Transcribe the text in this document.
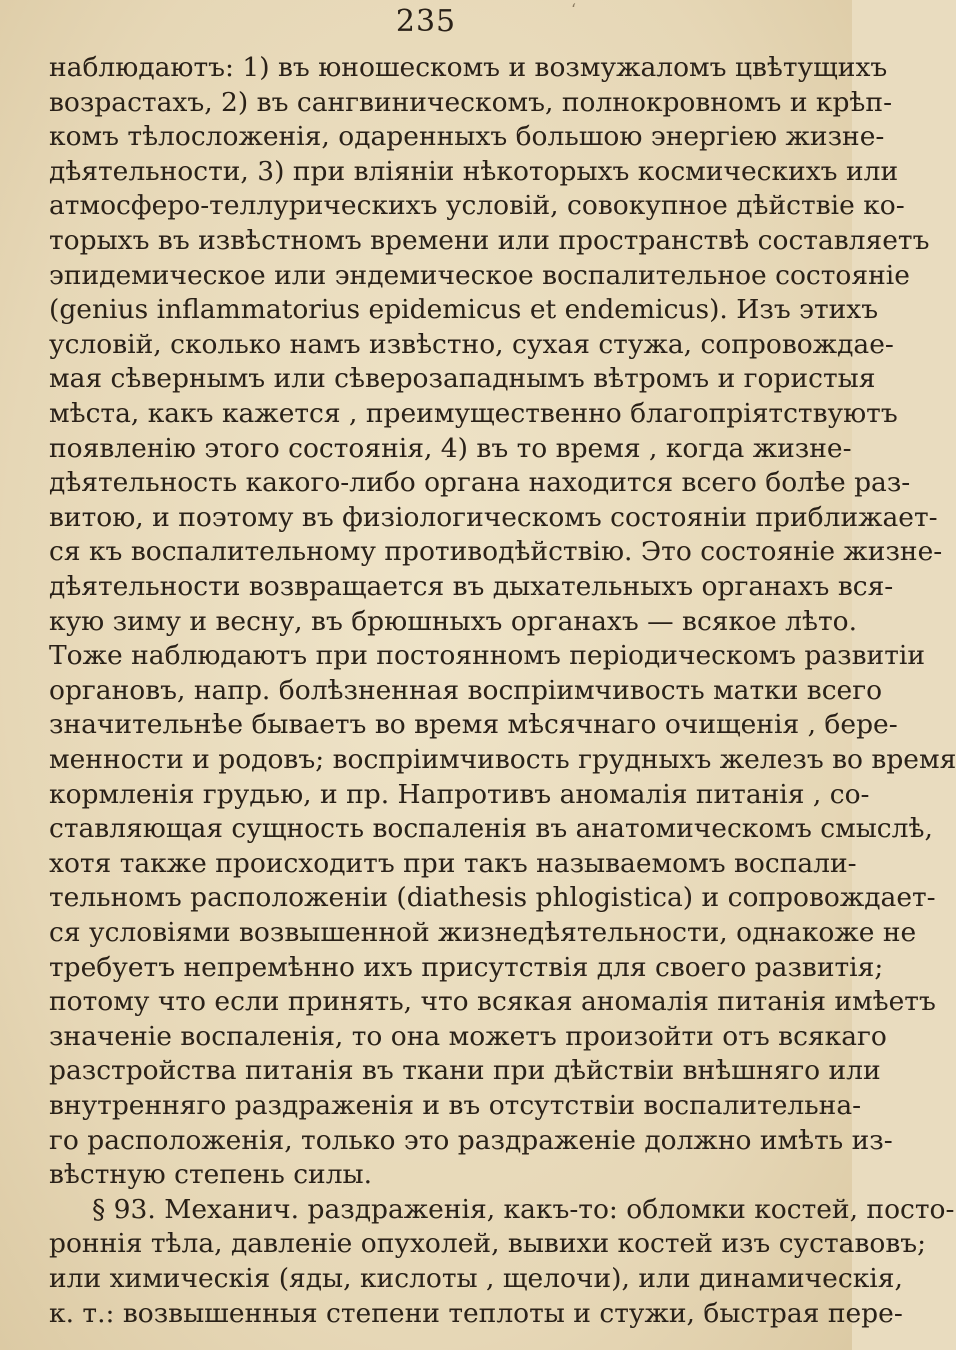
‘
235
наблюдаютъ: 1) въ юношескомъ и возмужаломъ цвѣтущихъ
возрастахъ, 2) въ сангвиническомъ, полнокровномъ и крѣп-
комъ тѣлосложенія, одаренныхъ большою энергіею жизне-
дѣятельности, 3) при вліяніи нѣкоторыхъ космическихъ или
атмосферо-теллурическихъ условій, совокупное дѣйствіе ко-
торыхъ въ извѣстномъ времени или пространствѣ составляетъ
эпидемическое или эндемическое воспалительное состояніе
(genius inflammatorius epidemicus et endemicus). Изъ этихъ
условій, сколько намъ извѣстно, сухая стужа, сопровождае-
мая сѣвернымъ или сѣверозападнымъ вѣтромъ и гористыя
мѣста, какъ кажется , преимущественно благопріятствуютъ
появленію этого состоянія, 4) въ то время , когда жизне-
дѣятельность какого-либо органа находится всего болѣе раз-
витою, и поэтому въ физіологическомъ состояніи приближает-
ся къ воспалительному противодѣйствію. Это состояніе жизне-
дѣятельности возвращается въ дыхательныхъ органахъ вся-
кую зиму и весну, въ брюшныхъ органахъ — всякое лѣто.
Тоже наблюдаютъ при постоянномъ періодическомъ развитіи
органовъ, напр. болѣзненная воспріимчивость матки всего
значительнѣе бываетъ во время мѣсячнаго очищенія , бере-
менности и родовъ; воспріимчивость грудныхъ железъ во время
кормленія грудью, и пр. Напротивъ аномалія питанія , со-
ставляющая сущность воспаленія въ анатомическомъ смыслѣ,
хотя также происходитъ при такъ называемомъ воспали-
тельномъ расположеніи (diathesis phlogistica) и сопровождает-
ся условіями возвышенной жизнедѣятельности, однакоже не
требуетъ непремѣнно ихъ присутствія для своего развитія;
потому что если принять, что всякая аномалія питанія имѣетъ
значеніе воспаленія, то она можетъ произойти отъ всякаго
разстройства питанія въ ткани при дѣйствіи внѣшняго или
внутренняго раздраженія и въ отсутствіи воспалительна-
го расположенія, только это раздраженіе должно имѣть из-
вѣстную степень силы.
§ 93. Механич. раздраженія, какъ-то: обломки костей, посто-
роннія тѣла, давленіе опухолей, вывихи костей изъ суставовъ;
или химическія (яды, кислоты , щелочи), или динамическія,
к. т.: возвышенныя степени теплоты и стужи, быстрая пере-
